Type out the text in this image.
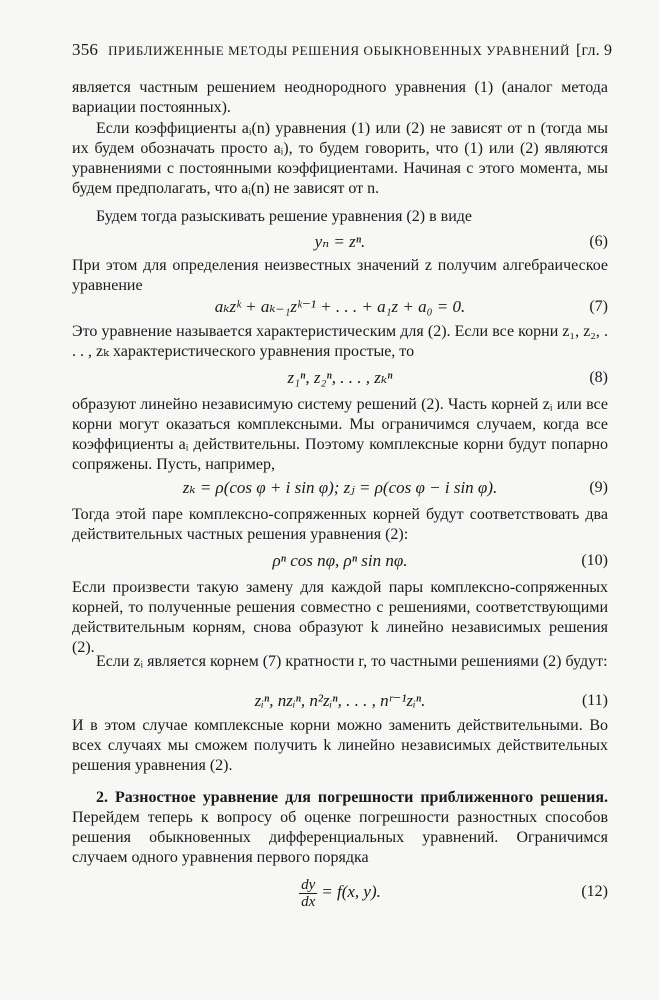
356 ПРИБЛИЖЕННЫЕ МЕТОДЫ РЕШЕНИЯ ОБЫКНОВЕННЫХ УРАВНЕНИЙ [гл. 9
является частным решением неоднородного уравнения (1) (аналог метода вариации постоянных).
Если коэффициенты aᵢ(n) уравнения (1) или (2) не зависят от n (тогда мы их будем обозначать просто aᵢ), то будем говорить, что (1) или (2) являются уравнениями с постоянными коэффициентами. Начиная с этого момента, мы будем предполагать, что aᵢ(n) не зависят от n.
Будем тогда разыскивать решение уравнения (2) в виде
yₙ = zⁿ.	(6)
При этом для определения неизвестных значений z получим алгебраическое уравнение
aₖzᵏ + aₖ₋₁zᵏ⁻¹ + . . . + a₁z + a₀ = 0.	(7)
Это уравнение называется характеристическим для (2). Если все корни z₁, z₂, . . . , zₖ характеристического уравнения простые, то
z₁ⁿ, z₂ⁿ, . . . , zₖⁿ	(8)
образуют линейно независимую систему решений (2). Часть корней zᵢ или все корни могут оказаться комплексными. Мы ограничимся случаем, когда все коэффициенты aᵢ действительны. Поэтому комплексные корни будут попарно сопряжены. Пусть, например,
zₖ = ρ(cos φ + i sin φ); zⱼ = ρ(cos φ − i sin φ).	(9)
Тогда этой паре комплексно-сопряженных корней будут соответствовать два действительных частных решения уравнения (2):
ρⁿ cos nφ, ρⁿ sin nφ.	(10)
Если произвести такую замену для каждой пары комплексно-сопряженных корней, то полученные решения совместно с решениями, соответствующими действительным корням, снова образуют k линейно независимых решения (2).
Если zᵢ является корнем (7) кратности r, то частными решениями (2) будут:
zᵢⁿ, nzᵢⁿ, n²zᵢⁿ, . . . , nʳ⁻¹zᵢⁿ.	(11)
И в этом случае комплексные корни можно заменить действительными. Во всех случаях мы сможем получить k линейно независимых действительных решения уравнения (2).
2. Разностное уравнение для погрешности приближенного решения. Перейдем теперь к вопросу об оценке погрешности разностных способов решения обыкновенных дифференциальных уравнений. Ограничимся случаем одного уравнения первого порядка
$\frac{dy}{dx} = f(x$, y).	(12)
